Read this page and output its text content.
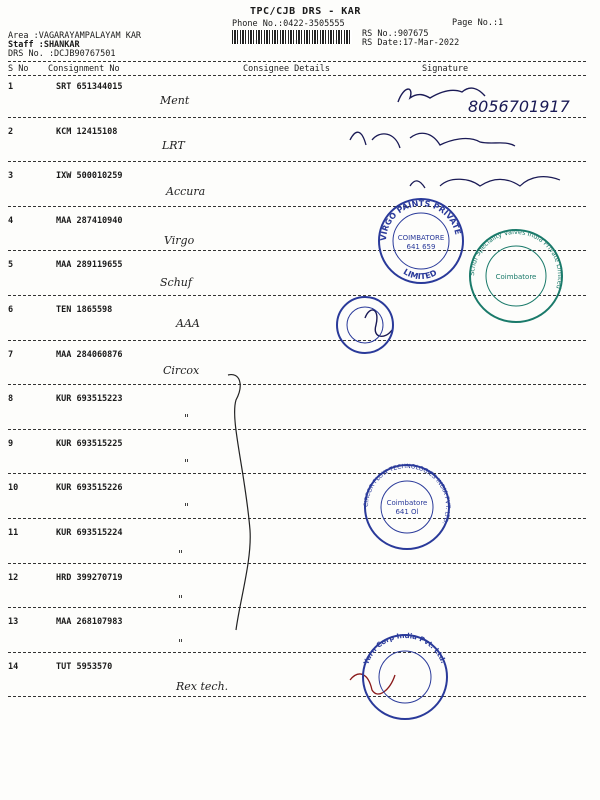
TPC/CJB DRS - KAR
Phone No.:0422-3505555	Page No.:1
RS No.:907675
RS Date:17-Mar-2022
Area :VAGARAYAMPALAYAM KAR
Staff :SHANKAR
DRS No. :DCJB90767501
S No Consignment No	Consignee Details	Signature
1	SRT 651344015
Ment
2	KCM 12415108
LRT
3	IXW 500010259
Accura
4	MAA 287410940
Virgo
5	MAA 289119655
Schuf
6	TEN 1865598
AAA
7	MAA 284060876
Circox
8	KUR 693515223
"
9	KUR 693515225
"
10	KUR 693515226
"
11	KUR 693515224
"
12	HRD 399270719
"
13	MAA 268107983
"
14	TUT 5953570
Rex tech.
8056701917
VIRGO PAINTS PRIVATE
LIMITED
COIMBATORE
641 659
Schuf Speciality Valves India Private Limited
Coimbatore
CIRCOR FLOW TECHNOLOGIES INDIA PVT. LTD.
Coimbatore
641 Ol
Yarn Corp India Pvt. Ltd.
